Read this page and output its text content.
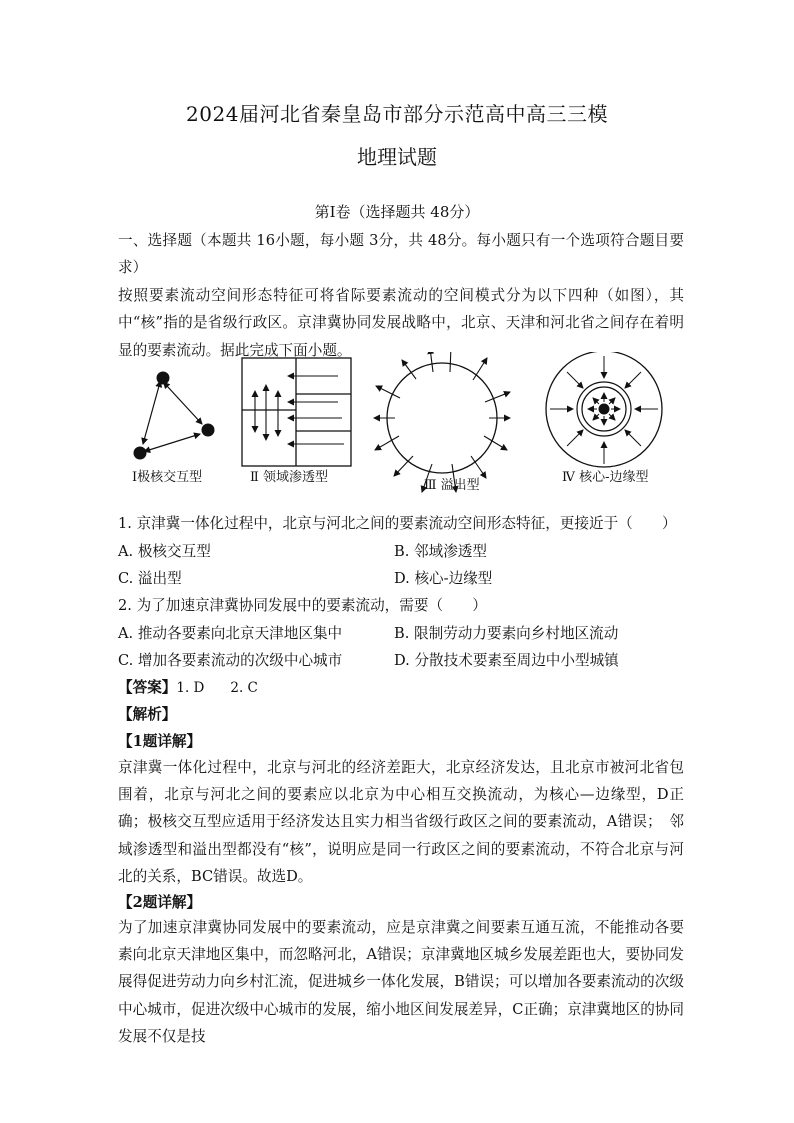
2024届河北省秦皇岛市部分示范高中高三三模
地理试题
第Ⅰ卷（选择题共 48分）
一、选择题（本题共 16小题，每小题 3分，共 48分。每小题只有一个选项符合题目要求）
按照要素流动空间形态特征可将省际要素流动的空间模式分为以下四种（如图），其中“核”指的是省级行政区。京津冀协同发展战略中，北京、天津和河北省之间存在着明显的要素流动。据此完成下面小题。
Ⅰ极核交互型	Ⅱ 领域渗透型
Ⅲ 溢出型
Ⅳ 核心-边缘型
1. 京津冀一体化过程中，北京与河北之间的要素流动空间形态特征，更接近于（　　）
A. 极核交互型	B. 邻域渗透型
C. 溢出型	D. 核心-边缘型
2. 为了加速京津冀协同发展中的要素流动，需要（　　）
A. 推动各要素向北京天津地区集中	B. 限制劳动力要素向乡村地区流动
C. 增加各要素流动的次级中心城市	D. 分散技术要素至周边中小型城镇
【答案】1. D 2. C
【解析】
【1题详解】
京津冀一体化过程中，北京与河北的经济差距大，北京经济发达，且北京市被河北省包围着，北京与河北之间的要素应以北京为中心相互交换流动，为核心—边缘型，D正确；极核交互型应适用于经济发达且实力相当省级行政区之间的要素流动，A错误；　邻域渗透型和溢出型都没有“核”，说明应是同一行政区之间的要素流动，不符合北京与河北的关系，BC错误。故选D。
【2题详解】
为了加速京津冀协同发展中的要素流动，应是京津冀之间要素互通互流，不能推动各要素向北京天津地区集中，而忽略河北，A错误；京津冀地区城乡发展差距也大，要协同发展得促进劳动力向乡村汇流，促进城乡一体化发展，B错误；可以增加各要素流动的次级中心城市，促进次级中心城市的发展，缩小地区间发展差异，C正确；京津冀地区的协同发展不仅是技
